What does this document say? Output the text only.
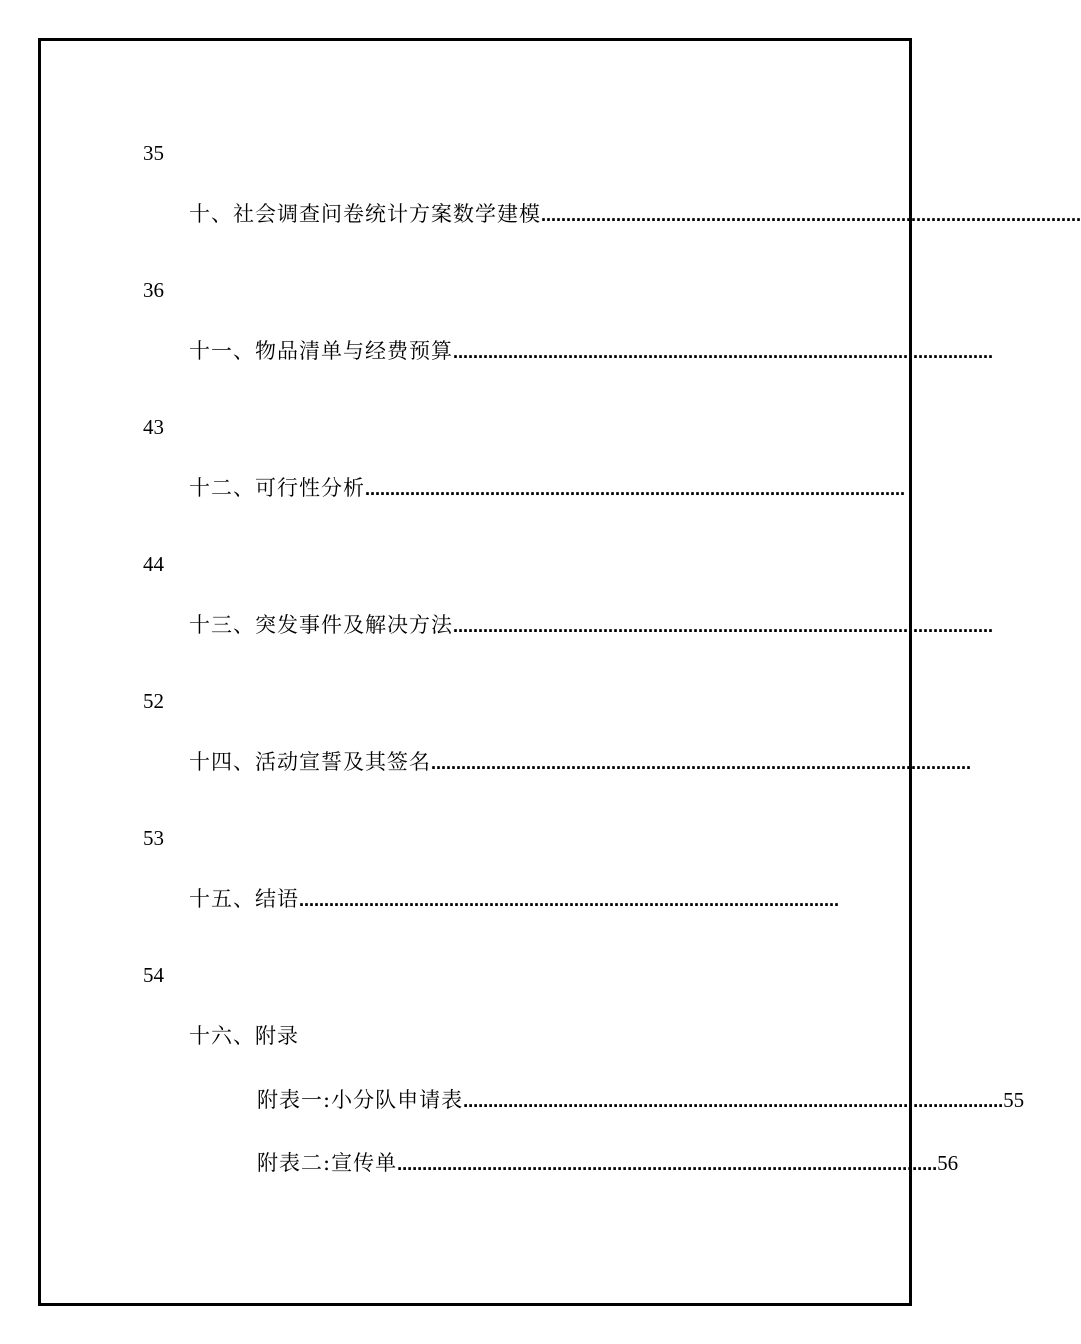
35
十、社会调查问卷统计方案数学建模 ………………………………………………………………………………………………
36
十一、物品清单与经费预算 ………………………………………………………………………………………………
43
十二、可行性分析 ………………………………………………………………………………………………
44
十三、突发事件及解决方法 ………………………………………………………………………………………………
52
十四、活动宣誓及其签名 ………………………………………………………………………………………………
53
十五、结语 ………………………………………………………………………………………………
54
十六、附录
附表一:小分队申请表 ……………………………………………………………………………………………… 55
附表二:宣传单 ……………………………………………………………………………………………… 56
